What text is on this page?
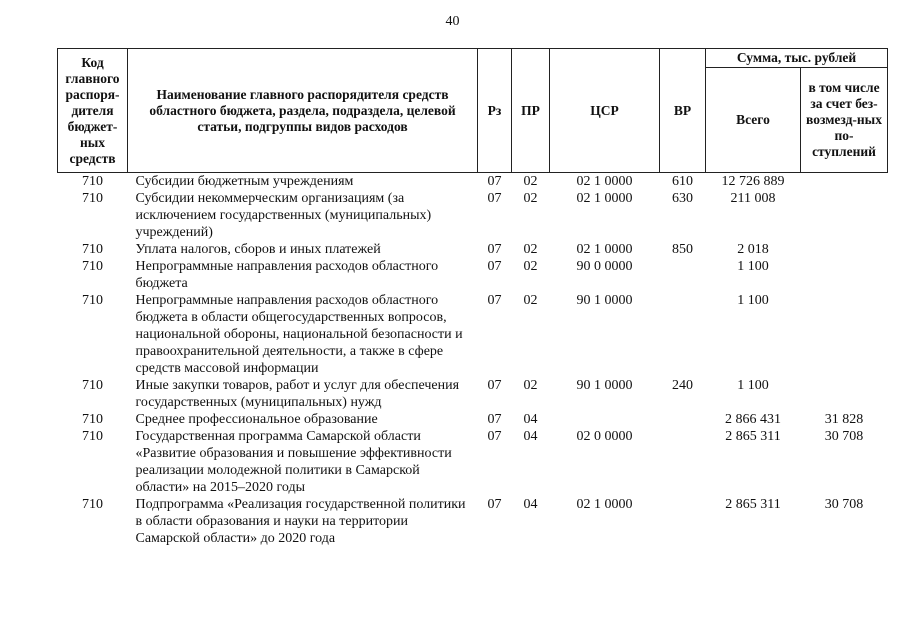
40
Код главного распоря-дителя бюджет-ных средств	Наименование главного распорядителя средств областного бюджета, раздела, подраздела, целевой статьи, подгруппы видов расходов	Рз	ПР	ЦСР	ВР	Сумма, тыс. рублей	
						Всего	в том числе за счет без-возмезд-ных по-ступлений
710	Субсидии бюджетным учреждениям	07	02	02 1 0000	610	12 726 889	
710	Субсидии некоммерческим организациям (за исключением государственных (муниципальных) учреждений)	07	02	02 1 0000	630	211 008	
710	Уплата налогов, сборов и иных платежей	07	02	02 1 0000	850	2 018	
710	Непрограммные направления расходов областного бюджета	07	02	90 0 0000		1 100	
710	Непрограммные направления расходов областного бюджета в области общегосударственных вопросов, национальной обороны, национальной безопасности и правоохранительной деятельности, а также в сфере средств массовой информации	07	02	90 1 0000		1 100	
710	Иные закупки товаров, работ и услуг для обеспечения государственных (муниципальных) нужд	07	02	90 1 0000	240	1 100	
710	Среднее профессиональное образование	07	04			2 866 431	31 828
710	Государственная программа Самарской области «Развитие образования и повышение эффективности реализации молодежной политики в Самарской области» на 2015–2020 годы	07	04	02 0 0000		2 865 311	30 708
710	Подпрограмма «Реализация государственной политики в области образования и науки на территории Самарской области» до 2020 года	07	04	02 1 0000		2 865 311	30 708
